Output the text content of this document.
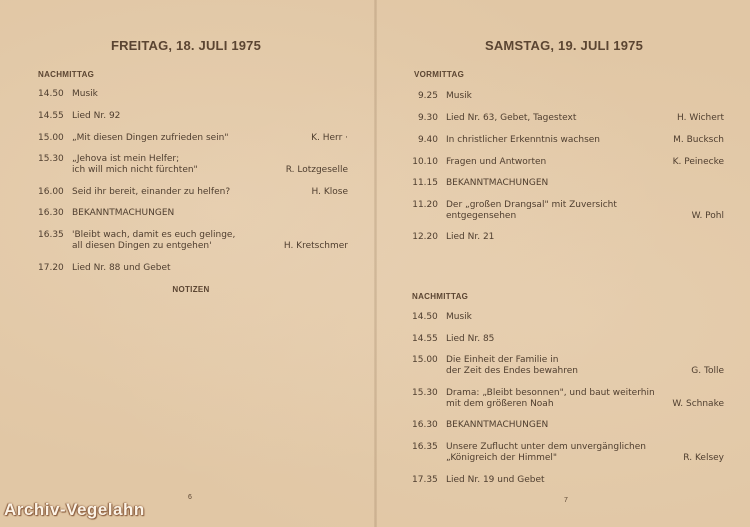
FREITAG, 18. JULI 1975
NACHMITTAG
14.50 Musik
14.55 Lied Nr. 92
15.00 „Mit diesen Dingen zufrieden sein"	K. Herr ·
15.30 „Jehova ist mein Helfer;
ich will mich nicht fürchten"	R. Lotzgeselle
16.00 Seid ihr bereit, einander zu helfen?	H. Klose
16.30 BEKANNTMACHUNGEN
16.35 'Bleibt wach, damit es euch gelinge,
all diesen Dingen zu entgehen'	H. Kretschmer
17.20 Lied Nr. 88 und Gebet
NOTIZEN
6
SAMSTAG, 19. JULI 1975
VORMITTAG
9.25 Musik
9.30 Lied Nr. 63, Gebet, Tagestext	H. Wichert
9.40 In christlicher Erkenntnis wachsen	M. Bucksch
10.10 Fragen und Antworten	K. Peinecke
11.15 BEKANNTMACHUNGEN
11.20 Der „großen Drangsal" mit Zuversicht
entgegensehen	W. Pohl
12.20 Lied Nr. 21
NACHMITTAG
14.50 Musik
14.55 Lied Nr. 85
15.00 Die Einheit der Familie in
der Zeit des Endes bewahren	G. Tolle
15.30 Drama: „Bleibt besonnen", und baut weiterhin
mit dem größeren Noah	W. Schnake
16.30 BEKANNTMACHUNGEN
16.35 Unsere Zuflucht unter dem unvergänglichen
„Königreich der Himmel"	R. Kelsey
17.35 Lied Nr. 19 und Gebet
7
Archiv-Vegelahn
